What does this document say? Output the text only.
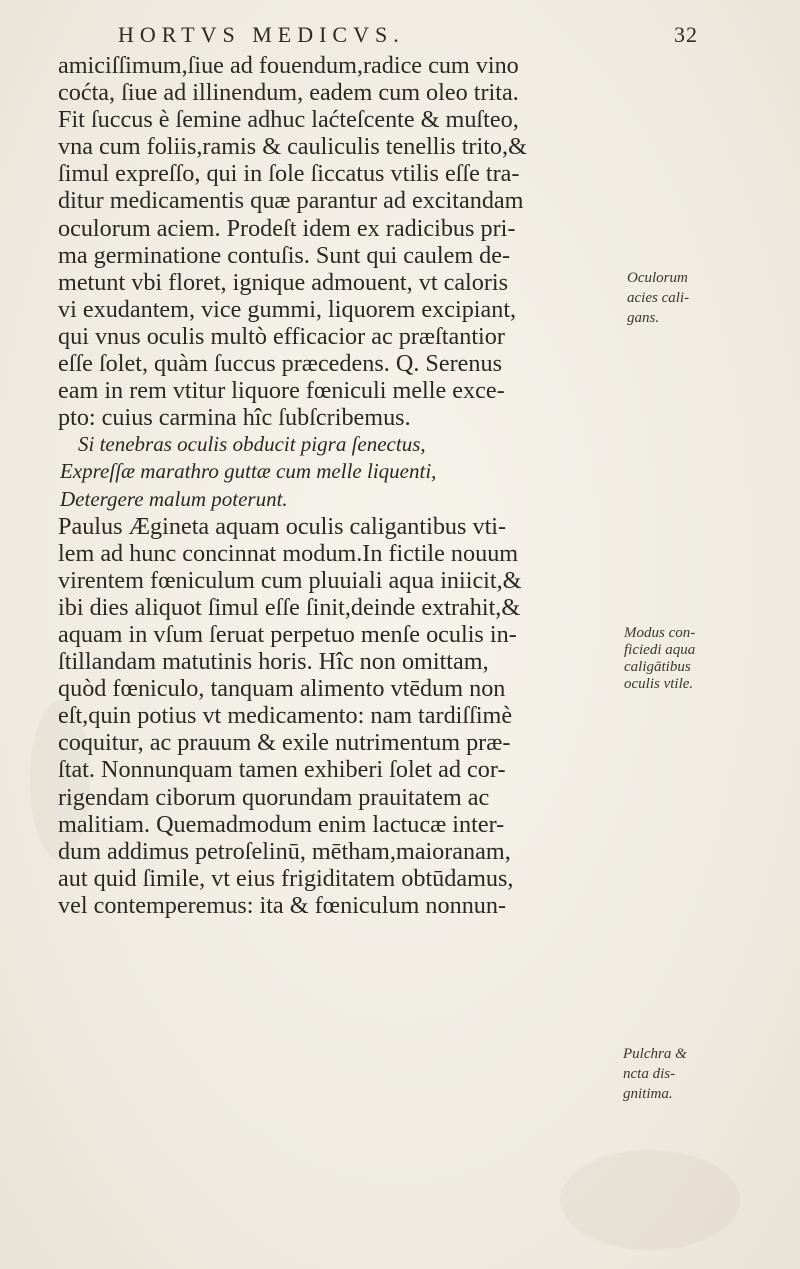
HORTVS MEDICVS.	32
amiciſſimum,ſiue ad fouendum,radice cum vino
coćta, ſiue ad illinendum, eadem cum oleo trita.
Fit ſuccus è ſemine adhuc laćteſcente & muſteo,
vna cum foliis,ramis & cauliculis tenellis trito,&
ſimul expreſſo, qui in ſole ſiccatus vtilis eſſe tra-
ditur medicamentis quæ parantur ad excitandam
oculorum aciem. Prodeſt idem ex radicibus pri-
ma germinatione contuſis. Sunt qui caulem de-
metunt vbi floret, ignique admouent, vt caloris
vi exudantem, vice gummi, liquorem excipiant,
qui vnus oculis multò efficacior ac præſtantior
eſſe ſolet, quàm ſuccus præcedens. Q. Serenus
eam in rem vtitur liquore fœniculi melle exce-
pto: cuius carmina hîc ſubſcribemus.
Si tenebras oculis obducit pigra ſenectus,
Expreſſæ marathro guttæ cum melle liquenti,
Detergere malum poterunt.
Paulus Ægineta aquam oculis caligantibus vti-
lem ad hunc concinnat modum.In fictile nouum
virentem fœniculum cum pluuiali aqua iniicit,&
ibi dies aliquot ſimul eſſe ſinit,deinde extrahit,&
aquam in vſum ſeruat perpetuo menſe oculis in-
ſtillandam matutinis horis. Hîc non omittam,
quòd fœniculo, tanquam alimento vtēdum non
eſt,quin potius vt medicamento: nam tardiſſimè
coquitur, ac prauum & exile nutrimentum præ-
ſtat. Nonnunquam tamen exhiberi ſolet ad cor-
rigendam ciborum quorundam prauitatem ac
malitiam. Quemadmodum enim lactucæ inter-
dum addimus petroſelinū, mētham,maioranam,
aut quid ſimile, vt eius frigiditatem obtūdamus,
vel contemperemus: ita & fœniculum nonnun-
Oculorum
acies cali-
gans.
Modus con-
ficiedi aqua
caligātibus
oculis vtile.
Pulchra &
ncta dis-
gnitima.
